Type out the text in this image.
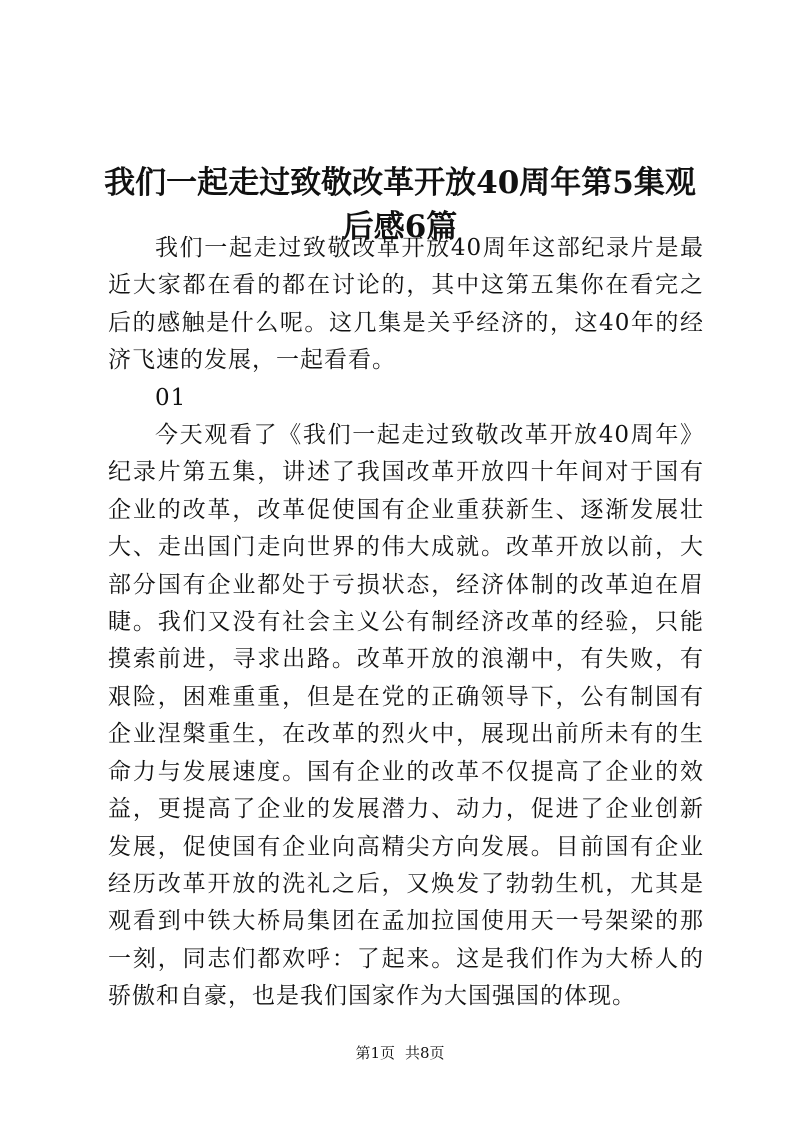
我们一起走过致敬改革开放40周年第5集观后感6篇

我们一起走过致敬改革开放40周年这部纪录片是最近大家都在看的都在讨论的，其中这第五集你在看完之后的感触是什么呢。这几集是关乎经济的，这40年的经济飞速的发展，一起看看。

01

今天观看了《我们一起走过致敬改革开放40周年》纪录片第五集，讲述了我国改革开放四十年间对于国有企业的改革，改革促使国有企业重获新生、逐渐发展壮大、走出国门走向世界的伟大成就。改革开放以前，大部分国有企业都处于亏损状态，经济体制的改革迫在眉睫。我们又没有社会主义公有制经济改革的经验，只能摸索前进，寻求出路。改革开放的浪潮中，有失败，有艰险，困难重重，但是在党的正确领导下，公有制国有企业涅槃重生，在改革的烈火中，展现出前所未有的生命力与发展速度。国有企业的改革不仅提高了企业的效益，更提高了企业的发展潜力、动力，促进了企业创新发展，促使国有企业向高精尖方向发展。目前国有企业经历改革开放的洗礼之后，又焕发了勃勃生机，尤其是观看到中铁大桥局集团在孟加拉国使用天一号架梁的那一刻，同志们都欢呼：了起来。这是我们作为大桥人的骄傲和自豪，也是我们国家作为大国强国的体现。

第1页 共8页
